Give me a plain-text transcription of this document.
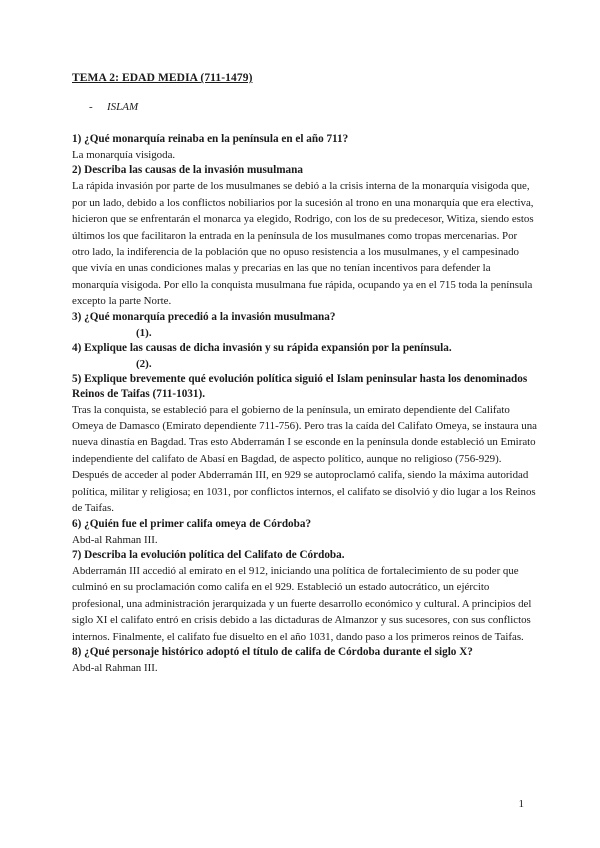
TEMA 2: EDAD MEDIA (711-1479)

-	ISLAM

1) ¿Qué monarquía reinaba en la península en el año 711?

La monarquía visigoda.

2) Describa las causas de la invasión musulmana

La rápida invasión por parte de los musulmanes se debió a la crisis interna de la monarquía visigoda que, por un lado, debido a los conflictos nobiliarios por la sucesión al trono en una monarquía que era electiva, hicieron que se enfrentarán el monarca ya elegido, Rodrigo, con los de su predecesor, Witiza, siendo estos últimos los que facilitaron la entrada en la península de los musulmanes como tropas mercenarias. Por otro lado, la indiferencia de la población que no opuso resistencia a los musulmanes, y el campesinado que vivía en unas condiciones malas y precarias en las que no tenían incentivos para defender la monarquía visigoda. Por ello la conquista musulmana fue rápida, ocupando ya en el 715 toda la península excepto la parte Norte.

3) ¿Qué monarquía precedió a la invasión musulmana?

(1).

4) Explique las causas de dicha invasión y su rápida expansión por la península.

(2).

5) Explique brevemente qué evolución política siguió el Islam peninsular hasta los denominados Reinos de Taifas (711-1031).

Tras la conquista, se estableció para el gobierno de la península, un emirato dependiente del Califato Omeya de Damasco (Emirato dependiente 711-756). Pero tras la caída del Califato Omeya, se instaura una nueva dinastía en Bagdad. Tras esto Abderramán I se esconde en la península donde estableció un Emirato independiente del califato de Abasí en Bagdad, de aspecto político, aunque no religioso (756-929). Después de acceder al poder Abderramán III, en 929 se autoproclamó califa, siendo la máxima autoridad política, militar y religiosa; en 1031, por conflictos internos, el califato se disolvió y dio lugar a los Reinos de Taifas.

6) ¿Quién fue el primer califa omeya de Córdoba?

Abd-al Rahman III.

7) Describa la evolución política del Califato de Córdoba.

Abderramán III accedió al emirato en el 912, iniciando una política de fortalecimiento de su poder que culminó en su proclamación como califa en el 929. Estableció un estado autocrático, un ejército profesional, una administración jerarquizada y un fuerte desarrollo económico y cultural. A principios del siglo XI el califato entró en crisis debido a las dictaduras de Almanzor y sus sucesores, con sus conflictos internos. Finalmente, el califato fue disuelto en el año 1031, dando paso a los primeros reinos de Taifas.

8) ¿Qué personaje histórico adoptó el título de califa de Córdoba durante el siglo X?

Abd-al Rahman III.

1
